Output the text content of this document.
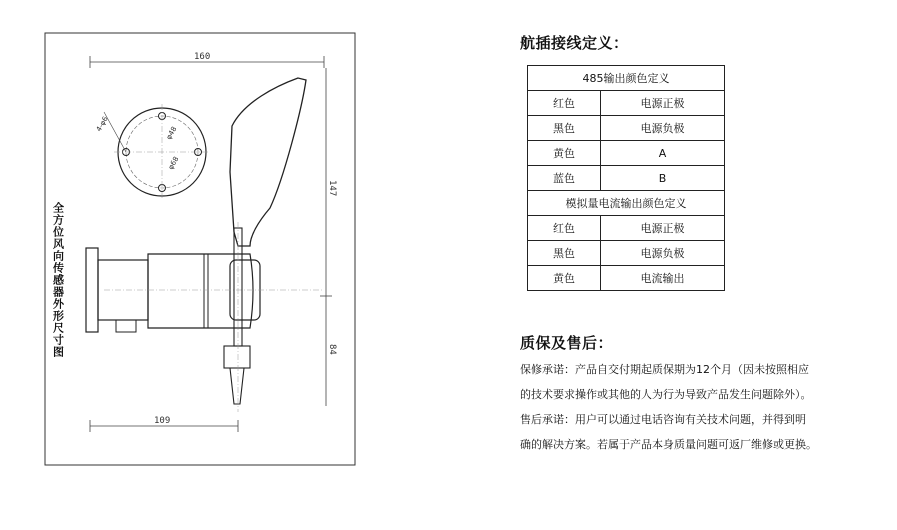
全方位风向传感器外形尺寸图
160
4-φ6
φ48
φ68
147
84
109
航插接线定义：
485输出颜色定义	
红色	电源正极
黑色	电源负极
黄色	A
蓝色	B
模拟量电流输出颜色定义	
红色	电源正极
黑色	电源负极
黄色	电流输出
质保及售后：
保修承诺：产品自交付期起质保期为12个月（因未按照相应
的技术要求操作或其他的人为行为导致产品发生问题除外）。
售后承诺：用户可以通过电话咨询有关技术问题，并得到明
确的解决方案。若属于产品本身质量问题可返厂维修或更换。
